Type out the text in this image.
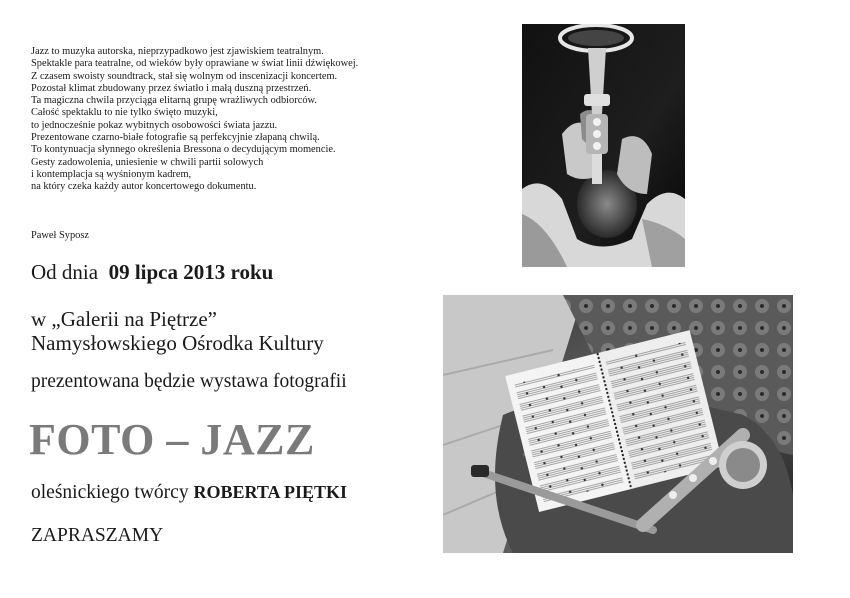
Jazz to muzyka autorska, nieprzypadkowo jest zjawiskiem teatralnym.
Spektakle para teatralne, od wieków były oprawiane w świat linii dźwiękowej.
Z czasem swoisty soundtrack, stał się wolnym od inscenizacji koncertem.
Pozostał klimat zbudowany przez światło i małą duszną przestrzeń.
Ta magiczna chwila przyciąga elitarną grupę wrażliwych odbiorców.
Całość spektaklu to nie tylko święto muzyki,
to jednocześnie pokaz wybitnych osobowości świata jazzu.
Prezentowane czarno-białe fotografie są perfekcyjnie złapaną chwilą.
To kontynuacja słynnego określenia Bressona o decydującym momencie.
Gesty zadowolenia, uniesienie w chwili partii solowych
i kontemplacja są wyśnionym kadrem,
na który czeka każdy autor koncertowego dokumentu.
Paweł Syposz
Od dnia 09 lipca 2013 roku
w „Galerii na Piętrze”
Namysłowskiego Ośrodka Kultury
prezentowana będzie wystawa fotografii
FOTO – JAZZ
oleśnickiego twórcy ROBERTA PIĘTKI
ZAPRASZAMY
